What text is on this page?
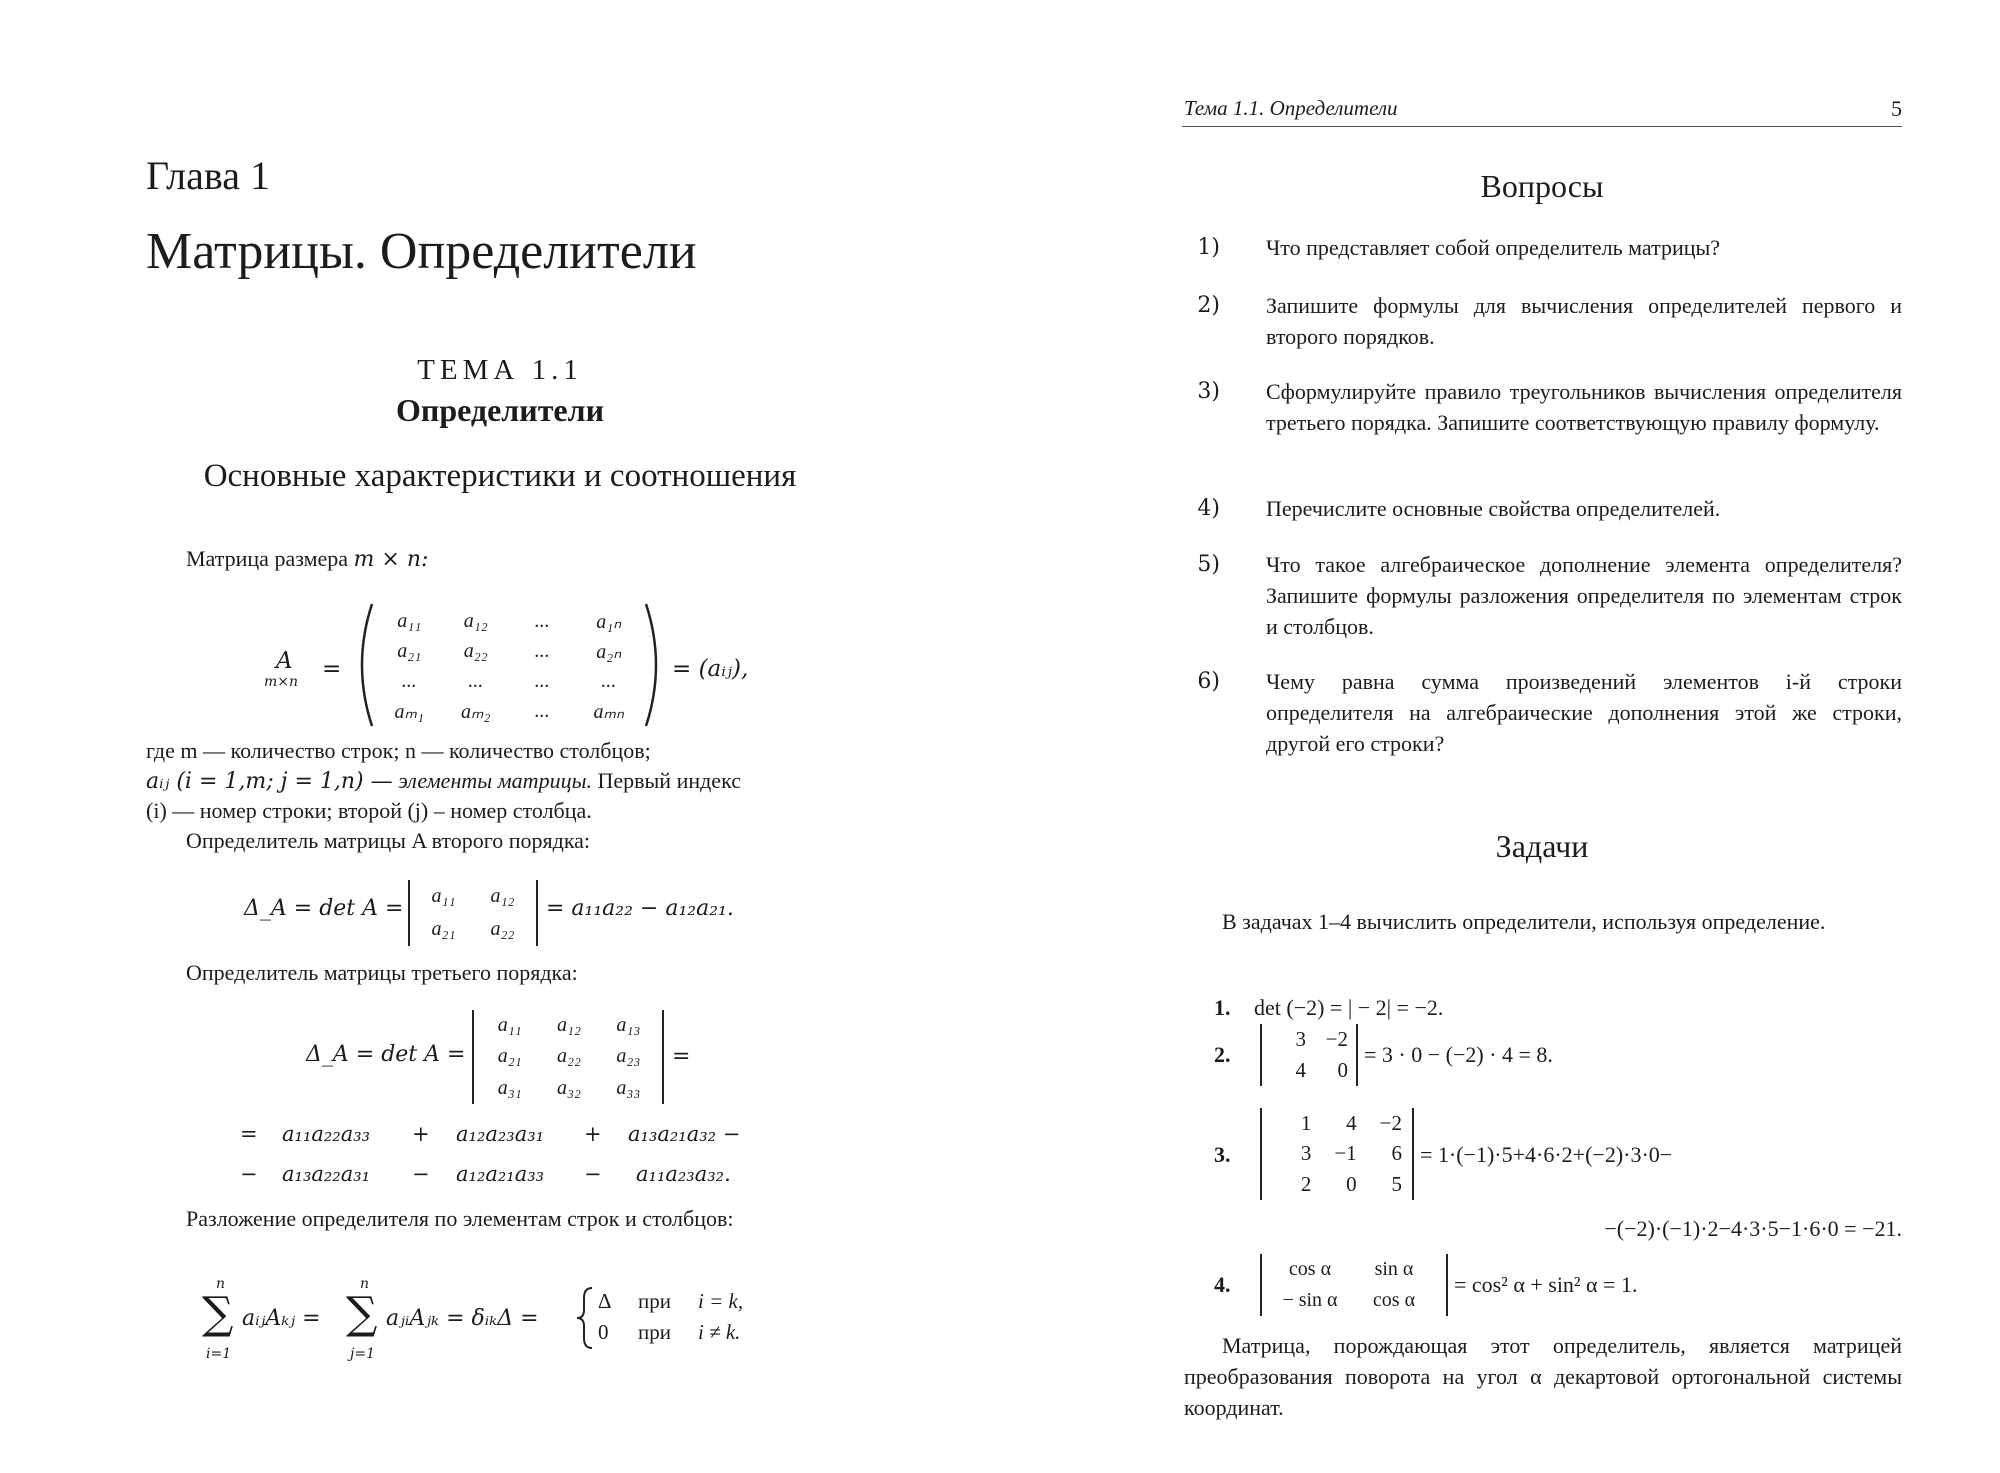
Глава 1
Матрицы. Определители
ТЕМА 1.1
Определители
Основные характеристики и соотношения
Матрица размера m × n:
A
m×n =
a₁₁ a₁₂ ... a₁ₙ
a₂₁ a₂₂ ... a₂ₙ
...	...	...	...
aₘ₁ aₘ₂ ... aₘₙ
= (aᵢⱼ),
где m — количество строк; n — количество столбцов;
aᵢⱼ (i = 1,m; j = 1,n) — элементы матрицы. Первый индекс
(i) — номер строки; второй (j) – номер столбца.
Определитель матрицы A второго порядка:
Δ_A = det A = a₁₁ a₁₂
a₂₁ a₂₂
= a₁₁a₂₂ − a₁₂a₂₁.
Определитель матрицы третьего порядка:
Δ_A = det A =
a₁₁ a₁₂ a₁₃
a₂₁ a₂₂ a₂₃
a₃₁ a₃₂ a₃₃
=
= a₁₁a₂₂a₃₃ + a₁₂a₂₃a₃₁ + a₁₃a₂₁a₃₂ −
− a₁₃a₂₂a₃₁ − a₁₂a₂₁a₃₃ − a₁₁a₂₃a₃₂.
Разложение определителя по элементам строк и столбцов:
n
∑
i=1
aᵢⱼAₖⱼ =
n
∑
j=1
aⱼᵢAⱼₖ = δᵢₖΔ =
Δ при i = k,
0 при i ≠ k.
Тема 1.1. Определители	5
Вопросы
1) Что представляет собой определитель матрицы?
2) Запишите формулы для вычисления определителей первого и второго порядков.
3) Сформулируйте правило треугольников вычисления определителя третьего порядка. Запишите соответствующую правилу формулу.
4) Перечислите основные свойства определителей.
5) Что такое алгебраическое дополнение элемента определителя? Запишите формулы разложения определителя по элементам строк и столбцов.
6) Чему равна сумма произведений элементов i-й строки определителя на алгебраические дополнения этой же строки, другой его строки?
Задачи
В задачах 1–4 вычислить определители, используя определение.
1. det (−2) = | − 2| = −2.
2.
3 −2
4 0
= 3 · 0 − (−2) · 4 = 8.
3.
1 4 −2
3 −1 6
2 0 5
= 1·(−1)·5+4·6·2+(−2)·3·0−
−(−2)·(−1)·2−4·3·5−1·6·0 = −21.
4.
cos α sin α
− sin α cos α
= cos² α + sin² α = 1.
Матрица, порождающая этот определитель, является матрицей преобразования поворота на угол α декартовой ортогональной системы координат.
